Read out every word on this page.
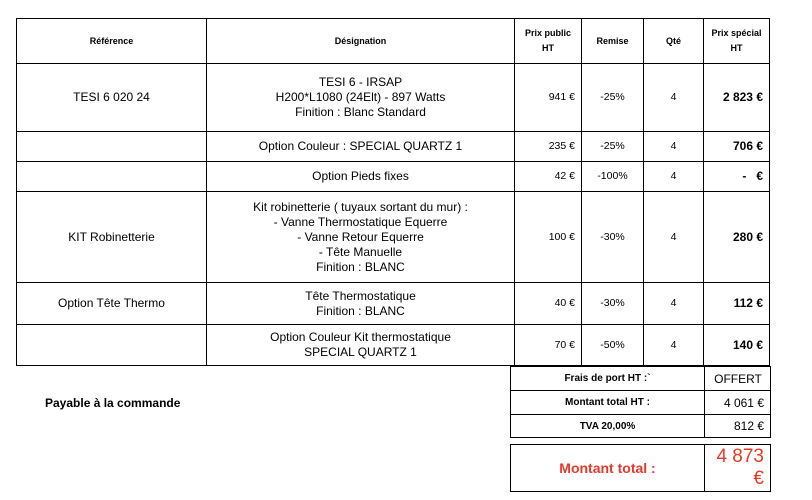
Référence	Désignation	Prix public HT	Remise	Qté	Prix spécial HT
TESI 6 020 24	TESI 6 - IRSAP
H200*L1080 (24Elt) - 897 Watts
Finition : Blanc Standard	941 €	-25%	4	2 823 €

	Option Couleur : SPECIAL QUARTZ 1	235 €	-25%	4	706 €

	Option Pieds fixes	42 €	-100%	4	-   €
KIT Robinetterie	Kit robinetterie ( tuyaux sortant du mur) :
- Vanne Thermostatique Equerre
- Vanne Retour Equerre
- Tête Manuelle
Finition : BLANC	100 €	-30%	4	280 €
Option Tête Thermo	Tête Thermostatique
Finition : BLANC	40 €	-30%	4	112 €

	Option Couleur Kit thermostatique
SPECIAL QUARTZ 1	70 €	-50%	4	140 €
Payable à la commande
Frais de port HT :`	OFFERT
Montant total HT :	4 061 €
TVA 20,00%	812 €

Montant total :	4 873 €
